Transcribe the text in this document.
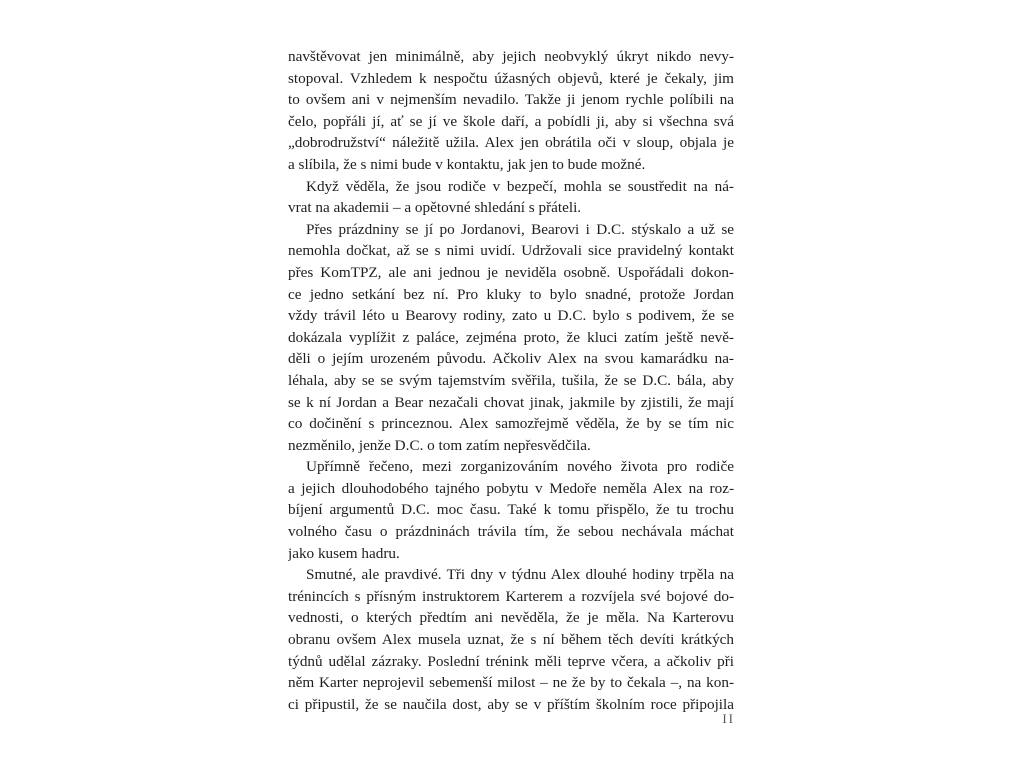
navštěvovat jen minimálně, aby jejich neobvyklý úkryt nikdo nevy-
stopoval. Vzhledem k nespočtu úžasných objevů, které je čekaly, jim
to ovšem ani v nejmenším nevadilo. Takže ji jenom rychle políbili na
čelo, popřáli jí, ať se jí ve škole daří, a pobídli ji, aby si všechna svá
„dobrodružství“ náležitě užila. Alex jen obrátila oči v sloup, objala je
a slíbila, že s nimi bude v kontaktu, jak jen to bude možné.
Když věděla, že jsou rodiče v bezpečí, mohla se soustředit na ná-
vrat na akademii – a opětovné shledání s přáteli.
Přes prázdniny se jí po Jordanovi, Bearovi i D.C. stýskalo a už se
nemohla dočkat, až se s nimi uvidí. Udržovali sice pravidelný kontakt
přes KomTPZ, ale ani jednou je neviděla osobně. Uspořádali dokon-
ce jedno setkání bez ní. Pro kluky to bylo snadné, protože Jordan
vždy trávil léto u Bearovy rodiny, zato u D.C. bylo s podivem, že se
dokázala vyplížit z paláce, zejména proto, že kluci zatím ještě nevě-
děli o jejím urozeném původu. Ačkoliv Alex na svou kamarádku na-
léhala, aby se se svým tajemstvím svěřila, tušila, že se D.C. bála, aby
se k ní Jordan a Bear nezačali chovat jinak, jakmile by zjistili, že mají
co dočinění s princeznou. Alex samozřejmě věděla, že by se tím nic
nezměnilo, jenže D.C. o tom zatím nepřesvědčila.
Upřímně řečeno, mezi zorganizováním nového života pro rodiče
a jejich dlouhodobého tajného pobytu v Medoře neměla Alex na roz-
bíjení argumentů D.C. moc času. Také k tomu přispělo, že tu trochu
volného času o prázdninách trávila tím, že sebou nechávala máchat
jako kusem hadru.
Smutné, ale pravdivé. Tři dny v týdnu Alex dlouhé hodiny trpěla na
trénincích s přísným instruktorem Karterem a rozvíjela své bojové do-
vednosti, o kterých předtím ani nevěděla, že je měla. Na Karterovu
obranu ovšem Alex musela uznat, že s ní během těch devíti krátkých
týdnů udělal zázraky. Poslední trénink měli teprve včera, a ačkoliv při
něm Karter neprojevil sebemenší milost – ne že by to čekala –, na kon-
ci připustil, že se naučila dost, aby se v příštím školním roce připojila
II
